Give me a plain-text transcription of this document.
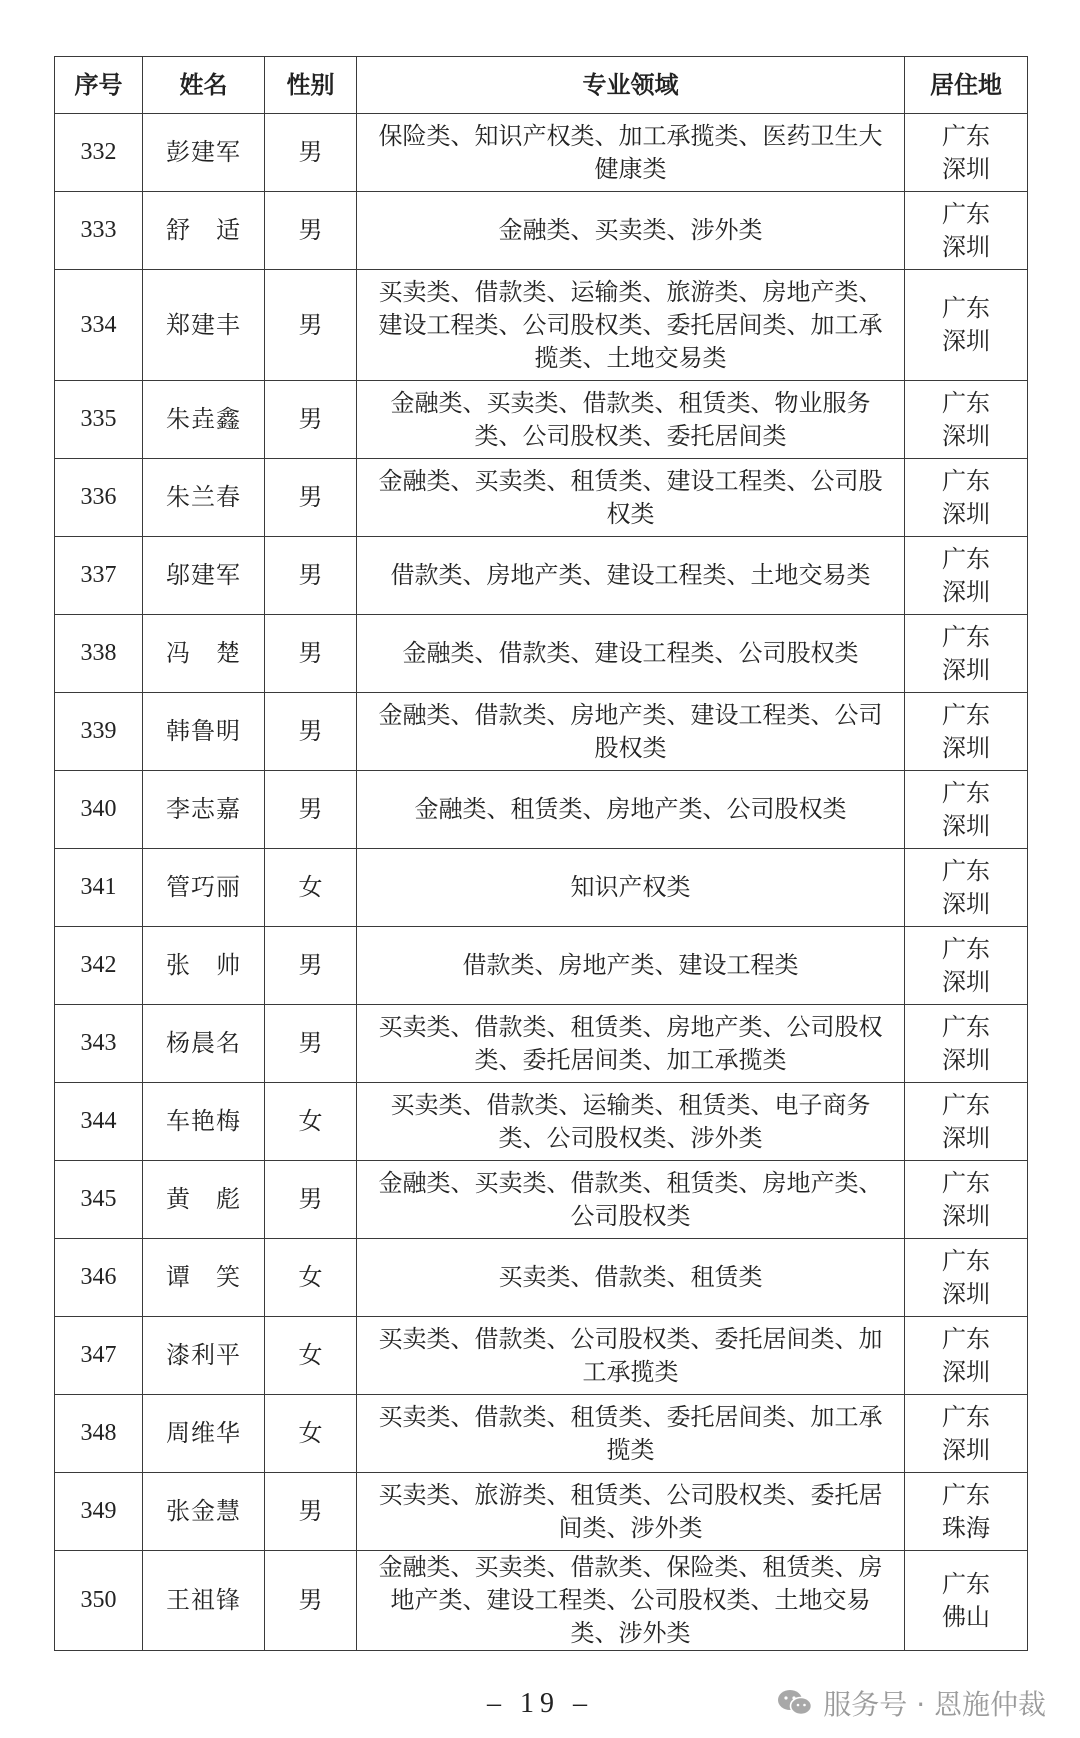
序号	姓名	性别	专业领域	居住地
332	彭建军	男	保险类、知识产权类、加工承揽类、医药卫生大健康类	广东
深圳

333	舒　适	男	金融类、买卖类、涉外类	广东
深圳

334	郑建丰	男	买卖类、借款类、运输类、旅游类、房地产类、建设工程类、公司股权类、委托居间类、加工承揽类、土地交易类	广东
深圳

335	朱垚鑫	男	金融类、买卖类、借款类、租赁类、物业服务类、公司股权类、委托居间类	广东
深圳

336	朱兰春	男	金融类、买卖类、租赁类、建设工程类、公司股权类	广东
深圳

337	邬建军	男	借款类、房地产类、建设工程类、土地交易类	广东
深圳

338	冯　楚	男	金融类、借款类、建设工程类、公司股权类	广东
深圳

339	韩鲁明	男	金融类、借款类、房地产类、建设工程类、公司股权类	广东
深圳

340	李志嘉	男	金融类、租赁类、房地产类、公司股权类	广东
深圳

341	管巧丽	女	知识产权类	广东
深圳

342	张　帅	男	借款类、房地产类、建设工程类	广东
深圳

343	杨晨名	男	买卖类、借款类、租赁类、房地产类、公司股权类、委托居间类、加工承揽类	广东
深圳

344	车艳梅	女	买卖类、借款类、运输类、租赁类、电子商务类、公司股权类、涉外类	广东
深圳

345	黄　彪	男	金融类、买卖类、借款类、租赁类、房地产类、公司股权类	广东
深圳

346	谭　笑	女	买卖类、借款类、租赁类	广东
深圳

347	漆利平	女	买卖类、借款类、公司股权类、委托居间类、加工承揽类	广东
深圳

348	周维华	女	买卖类、借款类、租赁类、委托居间类、加工承揽类	广东
深圳

349	张金慧	男	买卖类、旅游类、租赁类、公司股权类、委托居间类、涉外类	广东
珠海

350	王祖锋	男	金融类、买卖类、借款类、保险类、租赁类、房地产类、建设工程类、公司股权类、土地交易类、涉外类	广东
佛山
– 19 –	服务号 · 恩施仲裁
